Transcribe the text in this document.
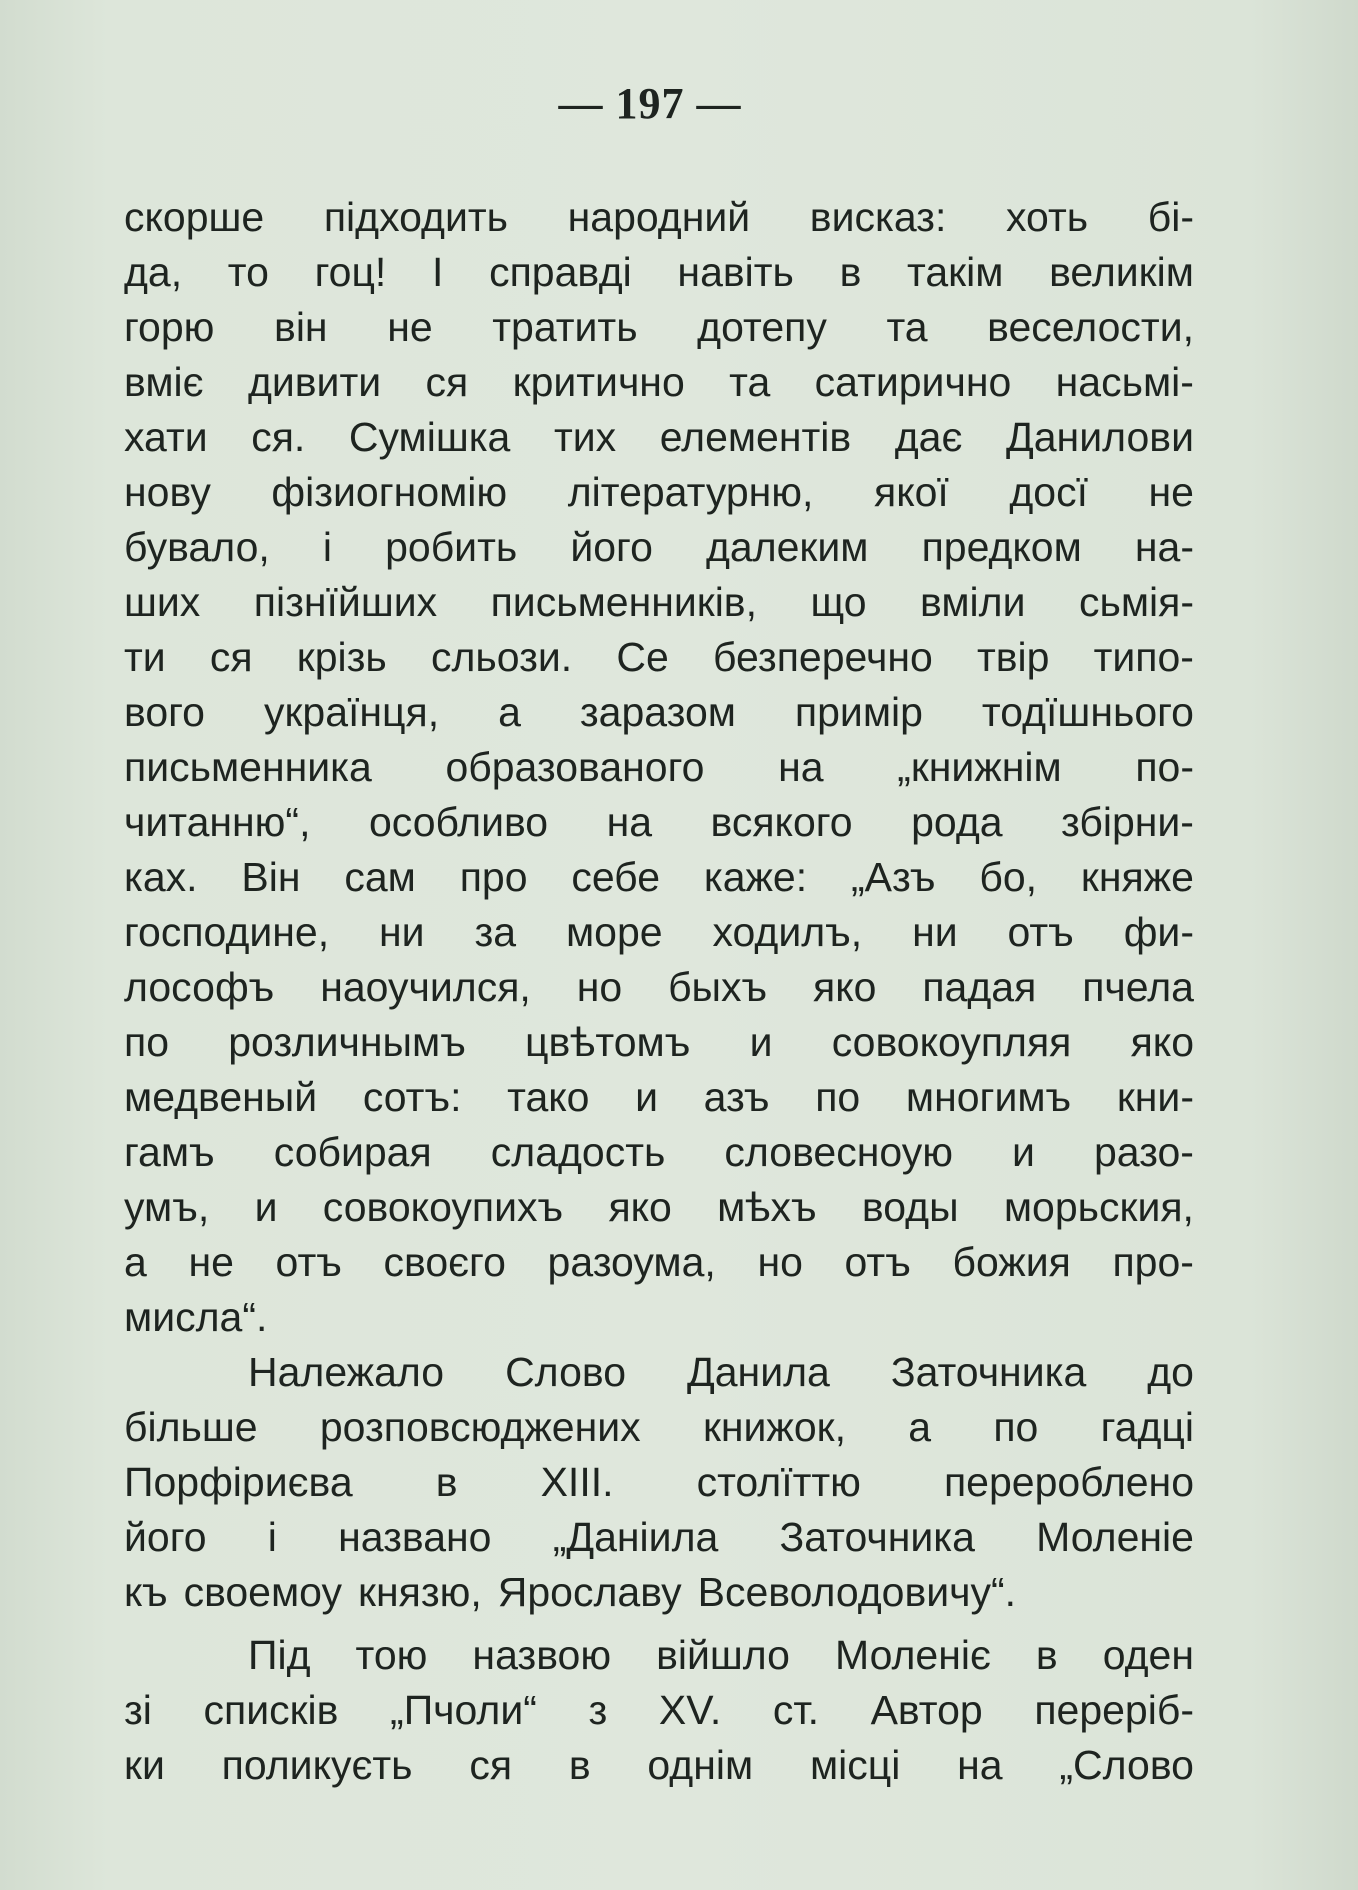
— 197 —
скорше підходить народний висказ: хоть бі-
да, то гоц! І справді навіть в такім великім
горю він не тратить дотепу та веселости,
вміє дивити ся критично та сатирично насьмі-
хати ся. Сумішка тих елементів дає Данилови
нову фізиогномію літературню, якої досї не
бувало, і робить його далеким предком на-
ших пізнїйших письменників, що вміли сьмія-
ти ся крізь сльози. Се безперечно твір типо-
вого українця, а заразом примір тодїшнього
письменника образованого на „книжнім по-
читанню“, особливо на всякого рода збірни-
ках. Він сам про себе каже: „Азъ бо, княже
господине, ни за море ходилъ, ни отъ фи-
лософъ наоучился, но быхъ яко падая пчела
по розличнымъ цвѣтомъ и совокоупляя яко
медвеный сотъ: тако и азъ по многимъ кни-
гамъ собирая сладость словесноую и разо-
умъ, и совокоупихъ яко мѣхъ воды морьския,
а не отъ своєго разоума, но отъ божия про-
мисла“.
Належало Слово Данила Заточника до
більше розповсюджених книжок, а по гадці
Порфіриєва в XIII. столїттю перероблено
його і названо „Даніила Заточника Моленіе
къ своемоу князю, Ярославу Всеволодовичу“.
Під тою назвою війшло Моленіє в оден
зі списків „Пчоли“ з XV. ст. Автор переріб-
ки поликуєть ся в однім місці на „Слово
